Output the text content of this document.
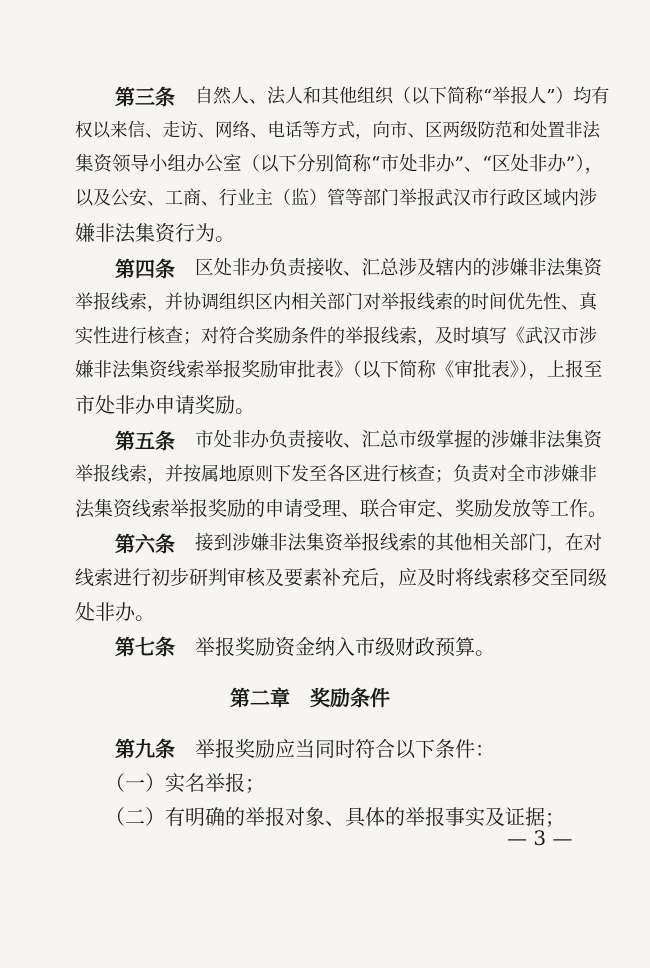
第三条 自然人、法人和其他组织（以下简称“举报人”）均有
权以来信、走访、网络、电话等方式，向市、区两级防范和处置非法
集资领导小组办公室（以下分别简称“市处非办”、“区处非办”），
以及公安、工商、行业主（监）管等部门举报武汉市行政区域内涉
嫌非法集资行为。
第四条 区处非办负责接收、汇总涉及辖内的涉嫌非法集资
举报线索，并协调组织区内相关部门对举报线索的时间优先性、真
实性进行核查；对符合奖励条件的举报线索，及时填写《武汉市涉
嫌非法集资线索举报奖励审批表》（以下简称《审批表》），上报至
市处非办申请奖励。
第五条 市处非办负责接收、汇总市级掌握的涉嫌非法集资
举报线索，并按属地原则下发至各区进行核查；负责对全市涉嫌非
法集资线索举报奖励的申请受理、联合审定、奖励发放等工作。
第六条 接到涉嫌非法集资举报线索的其他相关部门，在对
线索进行初步研判审核及要素补充后，应及时将线索移交至同级
处非办。
第七条 举报奖励资金纳入市级财政预算。
第二章　奖励条件
第九条 举报奖励应当同时符合以下条件：
（一）实名举报；
（二）有明确的举报对象、具体的举报事实及证据；
— 3 —
